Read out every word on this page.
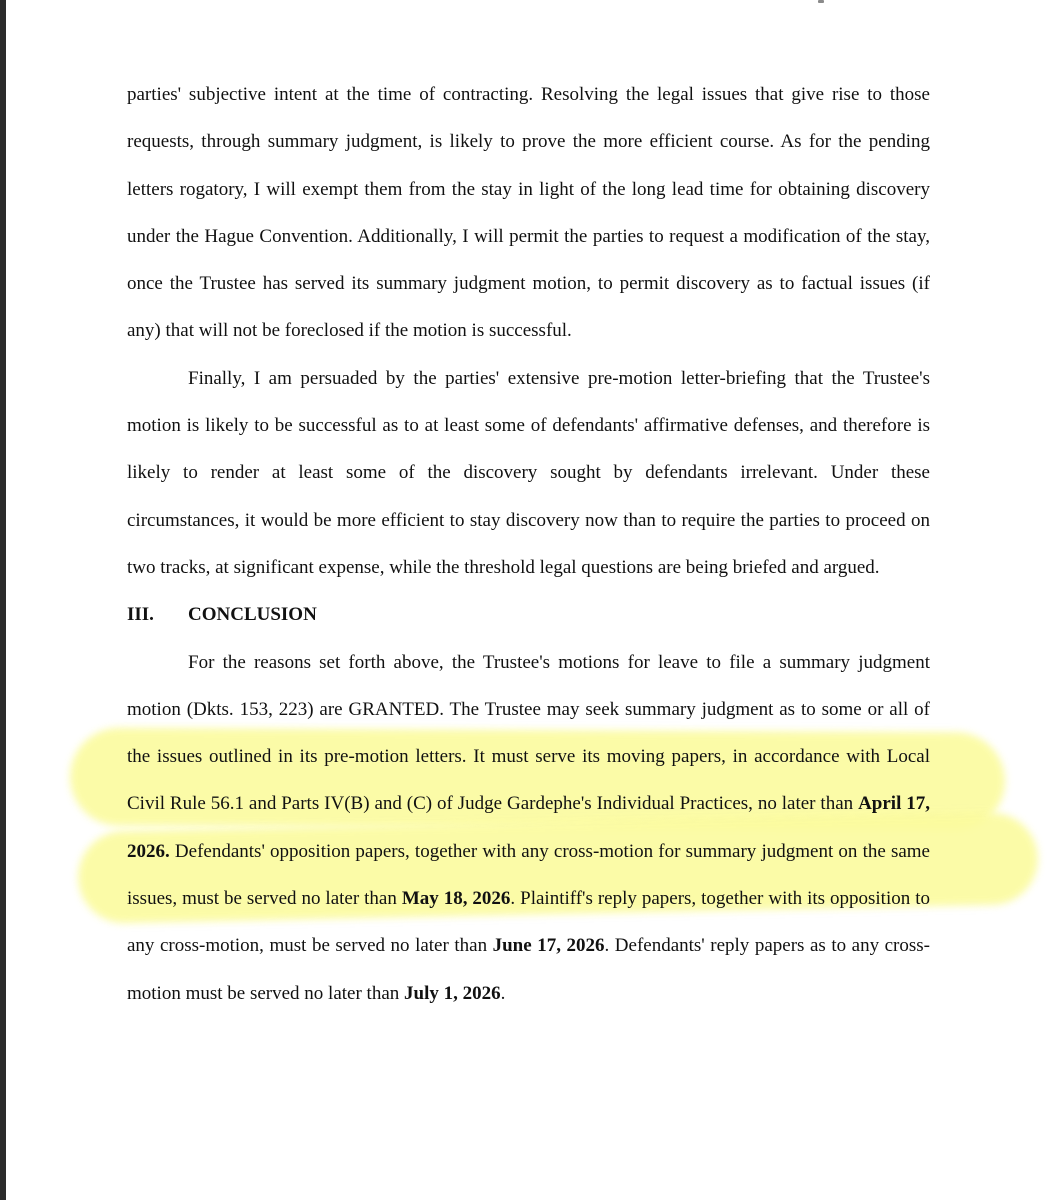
parties' subjective intent at the time of contracting. Resolving the legal issues that give rise to those requests, through summary judgment, is likely to prove the more efficient course. As for the pending letters rogatory, I will exempt them from the stay in light of the long lead time for obtaining discovery under the Hague Convention. Additionally, I will permit the parties to request a modification of the stay, once the Trustee has served its summary judgment motion, to permit discovery as to factual issues (if any) that will not be foreclosed if the motion is successful.

Finally, I am persuaded by the parties' extensive pre-motion letter-briefing that the Trustee's motion is likely to be successful as to at least some of defendants' affirmative defenses, and therefore is likely to render at least some of the discovery sought by defendants irrelevant. Under these circumstances, it would be more efficient to stay discovery now than to require the parties to proceed on two tracks, at significant expense, while the threshold legal questions are being briefed and argued.

III. CONCLUSION

For the reasons set forth above, the Trustee's motions for leave to file a summary judgment motion (Dkts. 153, 223) are GRANTED. The Trustee may seek summary judgment as to some or all of the issues outlined in its pre-motion letters. It must serve its moving papers, in accordance with Local Civil Rule 56.1 and Parts IV(B) and (C) of Judge Gardephe's Individual Practices, no later than April 17, 2026. Defendants' opposition papers, together with any cross-motion for summary judgment on the same issues, must be served no later than May 18, 2026. Plaintiff's reply papers, together with its opposition to any cross-motion, must be served no later than June 17, 2026. Defendants' reply papers as to any cross-motion must be served no later than July 1, 2026.
